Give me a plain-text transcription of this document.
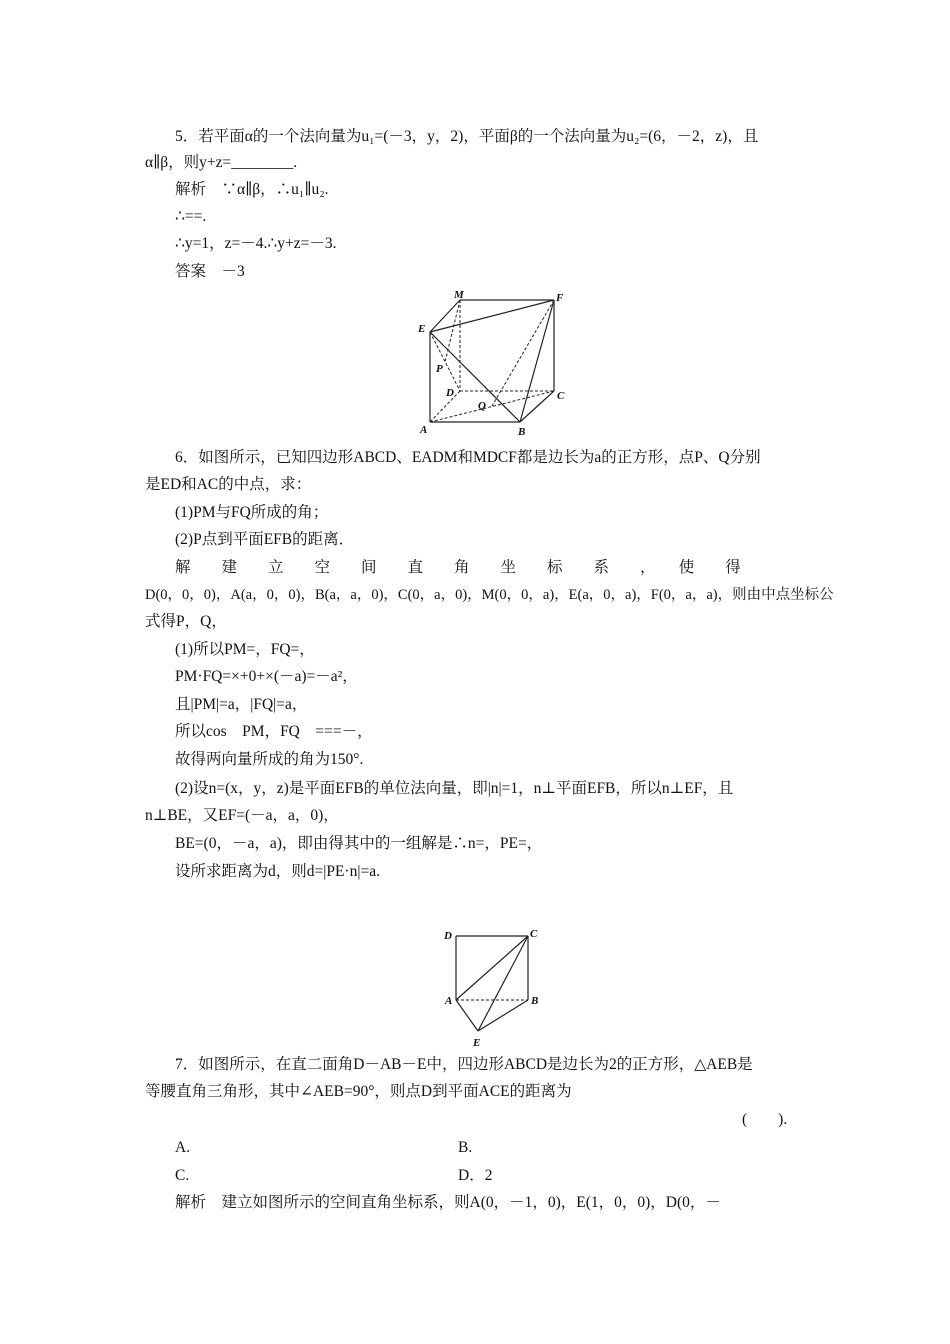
5．若平面α的一个法向量为u₁=(－3，y，2)，平面β的一个法向量为u₂=(6，－2，z)，且
α∥β，则y+z=________.
解析　∵α∥β，∴u₁∥u₂.
∴==.
∴y=1，z=－4.∴y+z=－3.
答案　－3
M	F
E
P
D
Q
C
A	B
6．如图所示，已知四边形ABCD、EADM和MDCF都是边长为a的正方形，点P、Q分别
是ED和AC的中点，求：
(1)PM与FQ所成的角；
(2)P点到平面EFB的距离．
解　　建　　立　　空　　间　　直　　角　　坐　　标　　系　　，　　使　　得
D(0，0，0)，A(a，0，0)，B(a，a，0)，C(0，a，0)，M(0，0，a)，E(a，0，a)，F(0，a，a)，则由中点坐标公
式得P，Q，
(1)所以PM=，FQ=，
PM·FQ=×+0+×(－a)=－a²，
且|PM|=a，|FQ|=a，
所以cos　PM，FQ　===－，
故得两向量所成的角为150°.
(2)设n=(x，y，z)是平面EFB的单位法向量，即|n|=1，n⊥平面EFB，所以n⊥EF，且
n⊥BE，又EF=(－a，a，0)，
BE=(0，－a，a)，即由得其中的一组解是∴n=，PE=，
设所求距离为d，则d=|PE·n|=a.
D	C
A	B
E
7．如图所示，在直二面角D－AB－E中，四边形ABCD是边长为2的正方形，△AEB是
等腰直角三角形，其中∠AEB=90°，则点D到平面ACE的距离为
(　　).
A.	B.
C.	D．2
解析　建立如图所示的空间直角坐标系，则A(0，－1，0)，E(1，0，0)，D(0，－
